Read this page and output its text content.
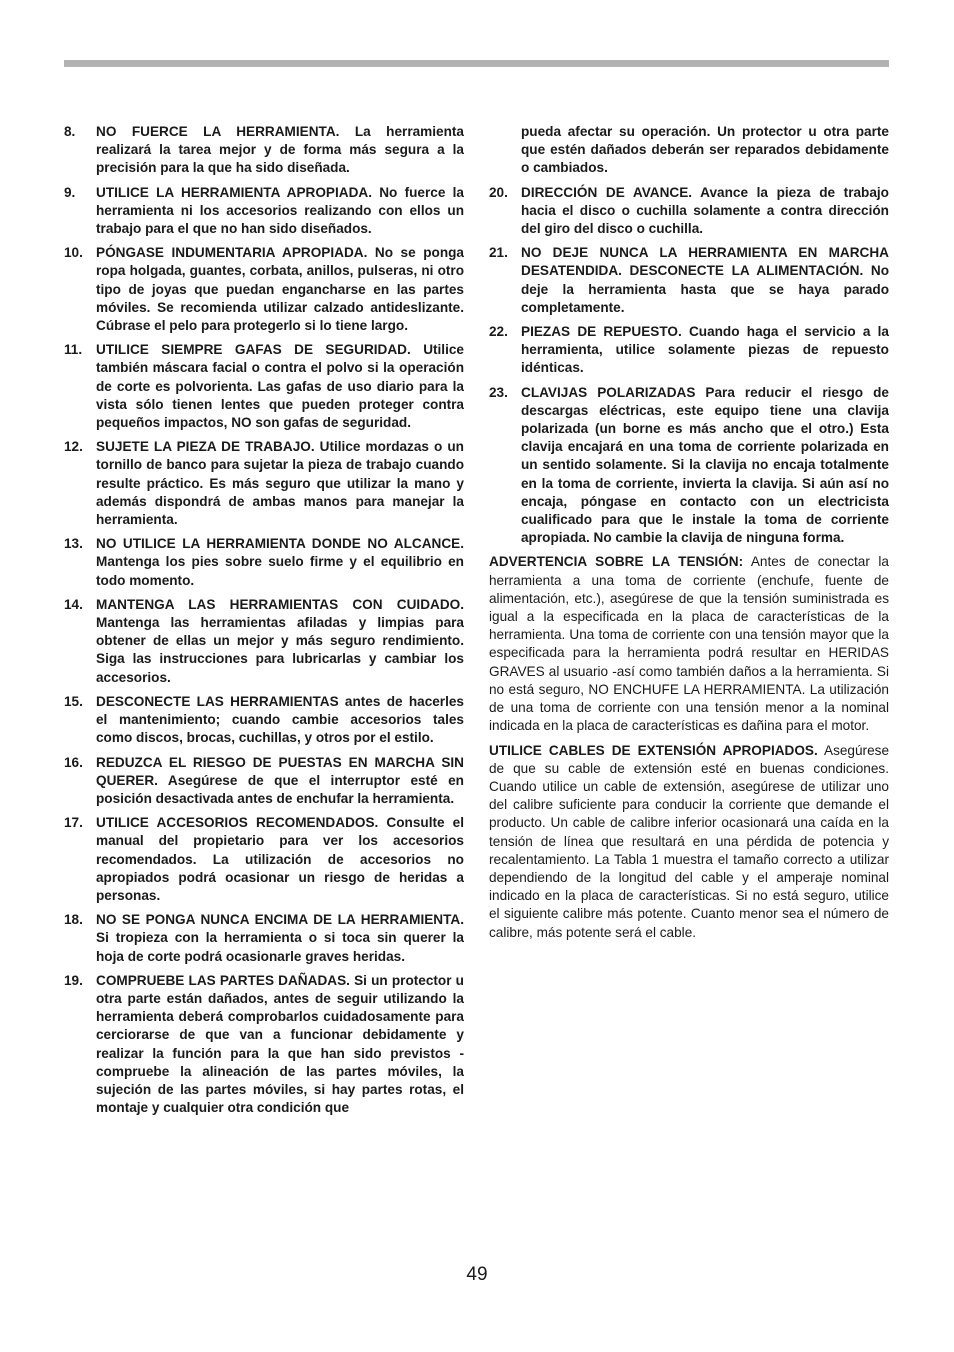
8.	NO FUERCE LA HERRAMIENTA. La herramienta realizará la tarea mejor y de forma más segura a la precisión para la que ha sido diseñada.
9.	UTILICE LA HERRAMIENTA APROPIADA. No fuerce la herramienta ni los accesorios realizando con ellos un trabajo para el que no han sido diseñados.
10. PÓNGASE INDUMENTARIA APROPIADA. No se ponga ropa holgada, guantes, corbata, anillos, pulseras, ni otro tipo de joyas que puedan engancharse en las partes móviles. Se recomienda utilizar calzado antideslizante. Cúbrase el pelo para protegerlo si lo tiene largo.
11.	UTILICE SIEMPRE GAFAS DE SEGURIDAD. Utilice también máscara facial o contra el polvo si la operación de corte es polvorienta. Las gafas de uso diario para la vista sólo tienen lentes que pueden proteger contra pequeños impactos, NO son gafas de seguridad.
12. SUJETE LA PIEZA DE TRABAJO. Utilice mordazas o un tornillo de banco para sujetar la pieza de trabajo cuando resulte práctico. Es más seguro que utilizar la mano y además dispondrá de ambas manos para manejar la herramienta.
13. NO UTILICE LA HERRAMIENTA DONDE NO ALCANCE. Mantenga los pies sobre suelo firme y el equilibrio en todo momento.
14. MANTENGA LAS HERRAMIENTAS CON CUIDADO. Mantenga las herramientas afiladas y limpias para obtener de ellas un mejor y más seguro rendimiento. Siga las instrucciones para lubricarlas y cambiar los accesorios.
15. DESCONECTE LAS HERRAMIENTAS antes de hacerles el mantenimiento; cuando cambie accesorios tales como discos, brocas, cuchillas, y otros por el estilo.
16. REDUZCA EL RIESGO DE PUESTAS EN MARCHA SIN QUERER. Asegúrese de que el interruptor esté en posición desactivada antes de enchufar la herramienta.
17. UTILICE ACCESORIOS RECOMENDADOS. Consulte el manual del propietario para ver los accesorios recomendados. La utilización de accesorios no apropiados podrá ocasionar un riesgo de heridas a personas.
18. NO SE PONGA NUNCA ENCIMA DE LA HERRAMIENTA. Si tropieza con la herramienta o si toca sin querer la hoja de corte podrá ocasionarle graves heridas.
19. COMPRUEBE LAS PARTES DAÑADAS. Si un protector u otra parte están dañados, antes de seguir utilizando la herramienta deberá comprobarlos cuidadosamente para cerciorarse de que van a funcionar debidamente y realizar la función para la que han sido previstos - compruebe la alineación de las partes móviles, la sujeción de las partes móviles, si hay partes rotas, el montaje y cualquier otra condición que
pueda afectar su operación. Un protector u otra parte que estén dañados deberán ser reparados debidamente o cambiados.
20. DIRECCIÓN DE AVANCE. Avance la pieza de trabajo hacia el disco o cuchilla solamente a contra dirección del giro del disco o cuchilla.
21. NO DEJE NUNCA LA HERRAMIENTA EN MARCHA DESATENDIDA. DESCONECTE LA ALIMENTACIÓN. No deje la herramienta hasta que se haya parado completamente.
22. PIEZAS DE REPUESTO. Cuando haga el servicio a la herramienta, utilice solamente piezas de repuesto idénticas.
23. CLAVIJAS POLARIZADAS Para reducir el riesgo de descargas eléctricas, este equipo tiene una clavija polarizada (un borne es más ancho que el otro.) Esta clavija encajará en una toma de corriente polarizada en un sentido solamente. Si la clavija no encaja totalmente en la toma de corriente, invierta la clavija. Si aún así no encaja, póngase en contacto con un electricista cualificado para que le instale la toma de corriente apropiada. No cambie la clavija de ninguna forma.
ADVERTENCIA SOBRE LA TENSIÓN: Antes de conectar la herramienta a una toma de corriente (enchufe, fuente de alimentación, etc.), asegúrese de que la tensión suministrada es igual a la especificada en la placa de características de la herramienta. Una toma de corriente con una tensión mayor que la especificada para la herramienta podrá resultar en HERIDAS GRAVES al usuario -así como también daños a la herramienta. Si no está seguro, NO ENCHUFE LA HERRAMIENTA. La utilización de una toma de corriente con una tensión menor a la nominal indicada en la placa de características es dañina para el motor.
UTILICE CABLES DE EXTENSIÓN APROPIADOS. Asegúrese de que su cable de extensión esté en buenas condiciones. Cuando utilice un cable de extensión, asegúrese de utilizar uno del calibre suficiente para conducir la corriente que demande el producto. Un cable de calibre inferior ocasionará una caída en la tensión de línea que resultará en una pérdida de potencia y recalentamiento. La Tabla 1 muestra el tamaño correcto a utilizar dependiendo de la longitud del cable y el amperaje nominal indicado en la placa de características. Si no está seguro, utilice el siguiente calibre más potente. Cuanto menor sea el número de calibre, más potente será el cable.
49
